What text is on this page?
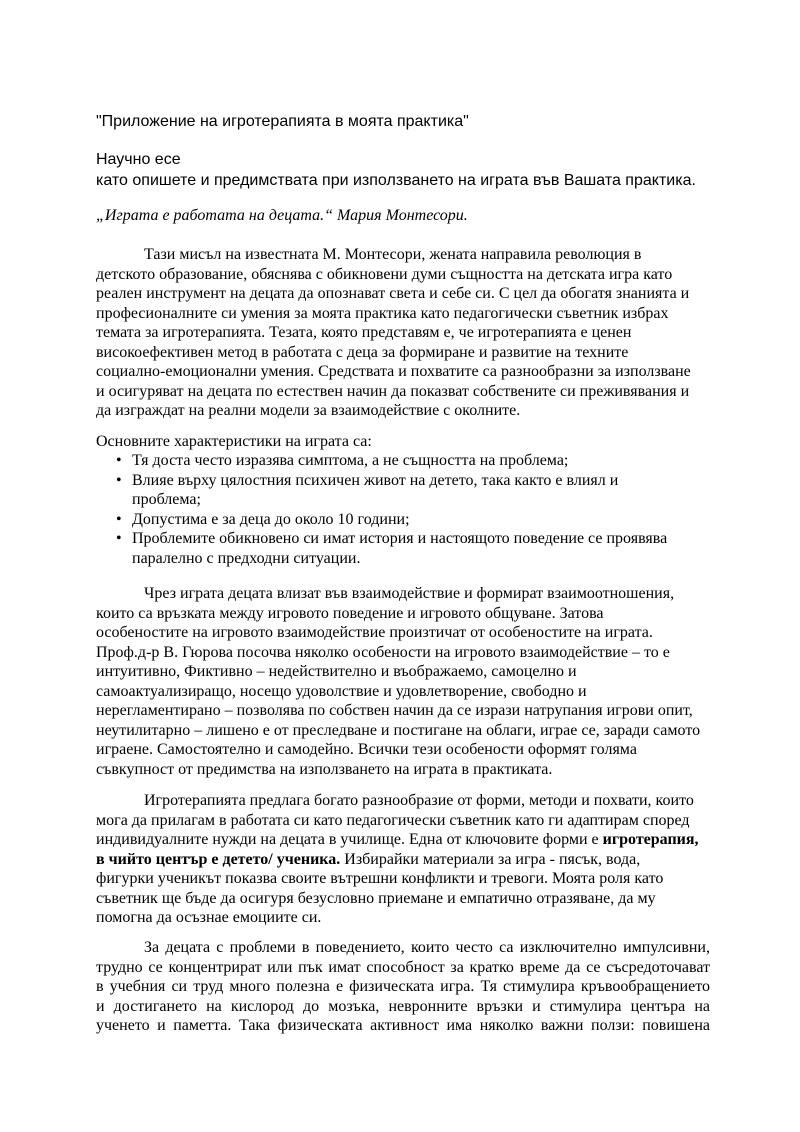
"Приложение на игротерапията в моята практика"
Научно есе
като опишете и предимствата при използването на играта във Вашата практика.
„Играта е работата на децата.“ Мария Монтесори.
Тази мисъл на известната М. Монтесори, жената направила революция в
детското образование, обяснява с обикновени думи същността на детската игра като
реален инструмент на децата да опознават света и себе си. С цел да обогатя знанията и
професионалните си умения за моята практика като педагогически съветник избрах
темата за игротерапията. Тезата, която представям е, че игротерапията е ценен
високоефективен метод в работата с деца за формиране и развитие на техните
социално-емоционални умения. Средствата и похватите са разнообразни за използване
и осигуряват на децата по естествен начин да показват собствените си преживявания и
да изграждат на реални модели за взаимодействие с околните.
Основните характеристики на играта са:
• Тя доста често изразява симптома, а не същността на проблема;
• Влияе върху цялостния психичен живот на детето, така както е влиял и
проблема;
• Допустима е за деца до около 10 години;
• Проблемите обикновено си имат история и настоящото поведение се проявява
паралелно с предходни ситуации.
Чрез играта децата влизат във взаимодействие и формират взаимоотношения,
които са връзката между игровото поведение и игровото общуване. Затова
особеностите на игровото взаимодействие произтичат от особеностите на играта.
Проф.д-р В. Гюрова посочва няколко особености на игровото взаимодействие – то е
интуитивно, Фиктивно – недействително и въображаемо, самоцелно и
самоактуализиращо, носещо удоволствие и удовлетворение, свободно и
нерегламентирано – позволява по собствен начин да се изрази натрупания игрови опит,
неутилитарно – лишено е от преследване и постигане на облаги, играе се, заради самото
играене. Самостоятелно и самодейно. Всички тези особености оформят голяма
съвкупност от предимства на използването на играта в практиката.
Игротерапията предлага богато разнообразие от форми, методи и похвати, които
мога да прилагам в работата си като педагогически съветник като ги адаптирам според
индивидуалните нужди на децата в училище. Една от ключовите форми е игротерапия,
в чийто център е детето/ ученика. Избирайки материали за игра - пясък, вода,
фигурки ученикът показва своите вътрешни конфликти и тревоги. Моята роля като
съветник ще бъде да осигуря безусловно приемане и емпатично отразяване, да му
помогна да осъзнае емоциите си.
За децата с проблеми в поведението, които често са изключително импулсивни,
трудно се концентрират или пък имат способност за кратко време да се съсредоточават
в учебния си труд много полезна е физическата игра. Тя стимулира кръвообращението
и достигането на кислород до мозъка, невронните връзки и стимулира центъра на
ученето и паметта. Така физическата активност има няколко важни ползи: повишена
